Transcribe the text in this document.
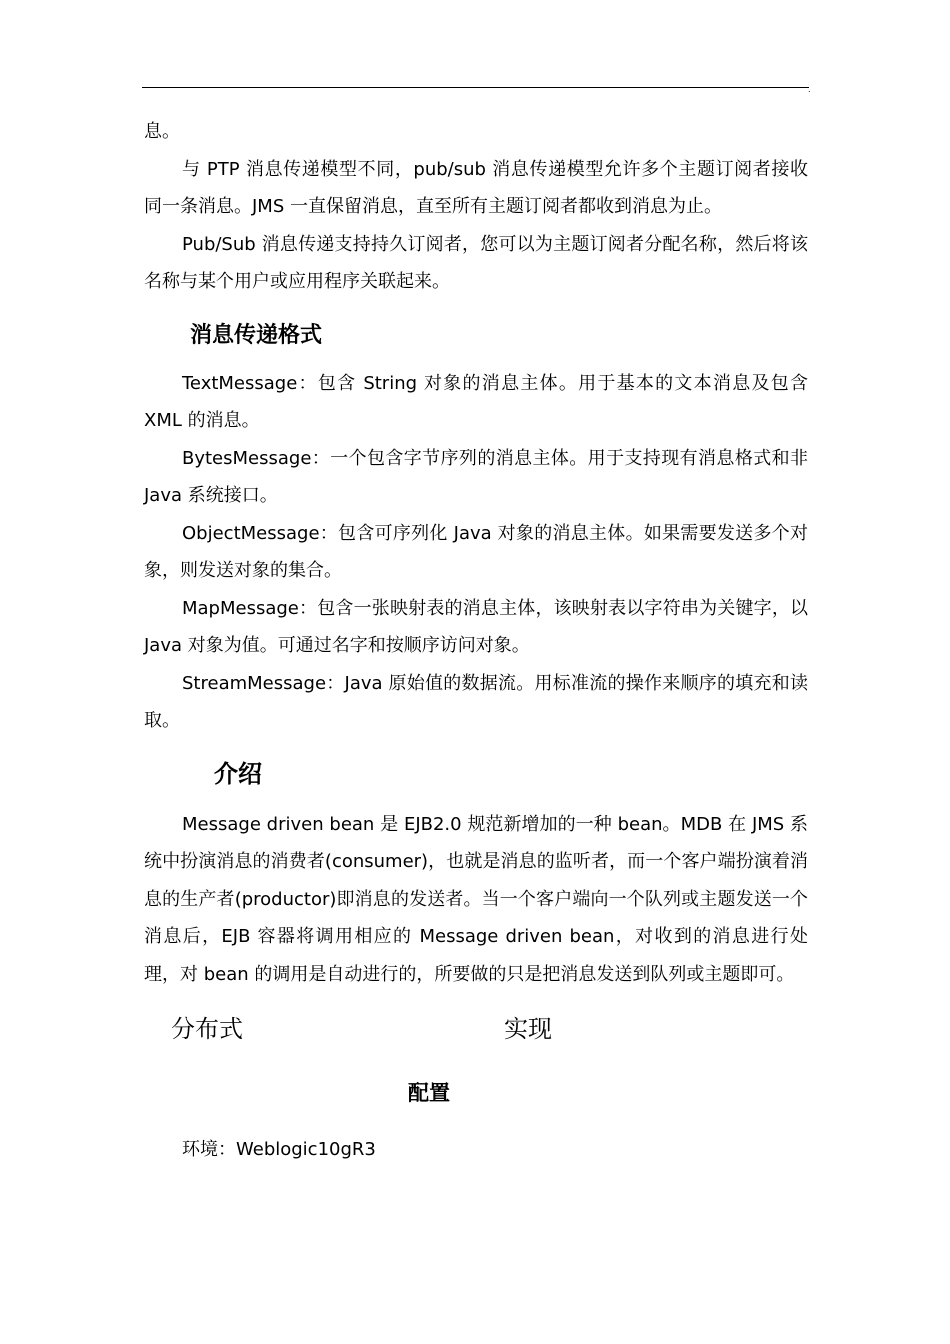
.

息。

与 PTP 消息传递模型不同，pub/sub 消息传递模型允许多个主题订阅者接收同一条消息。JMS 一直保留消息，直至所有主题订阅者都收到消息为止。

Pub/Sub 消息传递支持持久订阅者，您可以为主题订阅者分配名称，然后将该名称与某个用户或应用程序关联起来。

消息传递格式

TextMessage：包含 String 对象的消息主体。用于基本的文本消息及包含 XML 的消息。

BytesMessage：一个包含字节序列的消息主体。用于支持现有消息格式和非 Java 系统接口。

ObjectMessage：包含可序列化 Java 对象的消息主体。如果需要发送多个对象，则发送对象的集合。

MapMessage：包含一张映射表的消息主体，该映射表以字符串为关键字，以 Java 对象为值。可通过名字和按顺序访问对象。

StreamMessage：Java 原始值的数据流。用标准流的操作来顺序的填充和读取。

介绍

Message driven bean 是 EJB2.0 规范新增加的一种 bean。MDB 在 JMS 系统中扮演消息的消费者(consumer)，也就是消息的监听者，而一个客户端扮演着消息的生产者(productor)即消息的发送者。当一个客户端向一个队列或主题发送一个消息后，EJB 容器将调用相应的 Message driven bean，对收到的消息进行处理，对 bean 的调用是自动进行的，所要做的只是把消息发送到队列或主题即可。

分布式	实现
配置

环境：Weblogic10gR3
